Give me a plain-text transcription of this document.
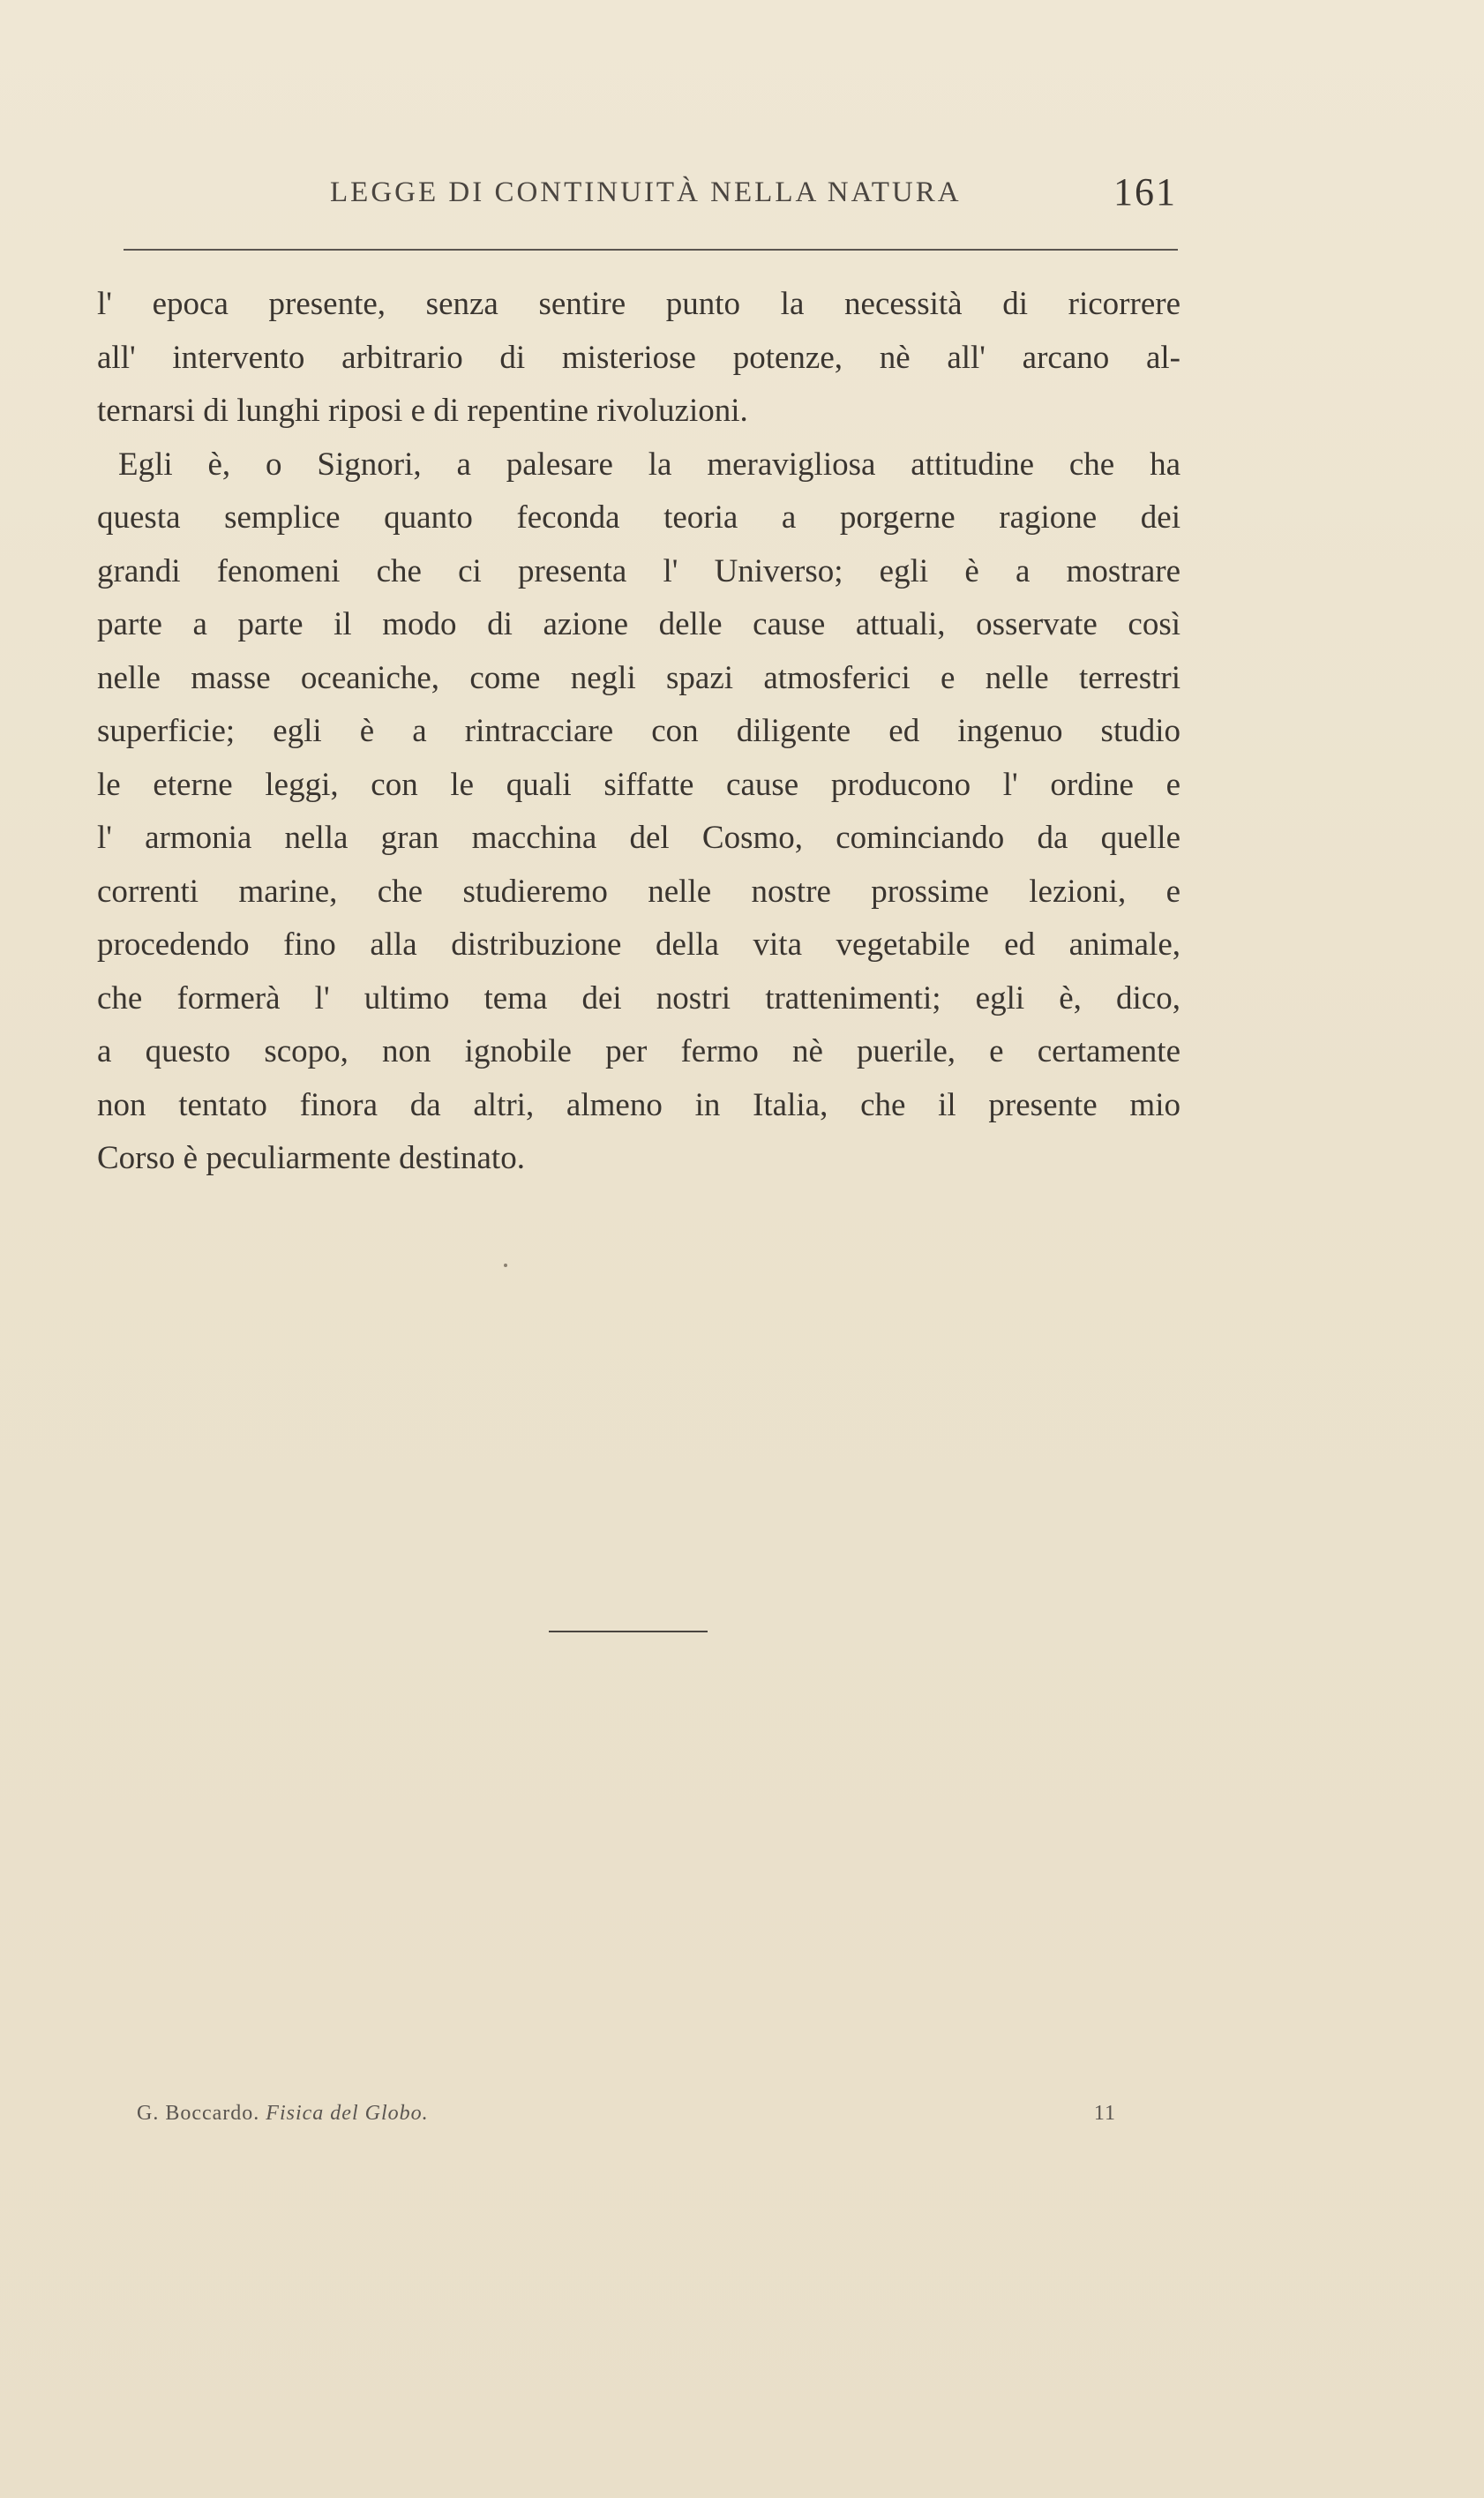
LEGGE DI CONTINUITÀ NELLA NATURA	161

l' epoca presente, senza sentire punto la necessità di ricorrere
all' intervento arbitrario di misteriose potenze, nè all' arcano al-
ternarsi di lunghi riposi e di repentine rivoluzioni.

Egli è, o Signori, a palesare la meravigliosa attitudine che ha
questa semplice quanto feconda teoria a porgerne ragione dei
grandi fenomeni che ci presenta l' Universo; egli è a mostrare
parte a parte il modo di azione delle cause attuali, osservate così
nelle masse oceaniche, come negli spazi atmosferici e nelle terrestri
superficie; egli è a rintracciare con diligente ed ingenuo studio
le eterne leggi, con le quali siffatte cause producono l' ordine e
l' armonia nella gran macchina del Cosmo, cominciando da quelle
correnti marine, che studieremo nelle nostre prossime lezioni, e
procedendo fino alla distribuzione della vita vegetabile ed animale,
che formerà l' ultimo tema dei nostri trattenimenti; egli è, dico,
a questo scopo, non ignobile per fermo nè puerile, e certamente
non tentato finora da altri, almeno in Italia, che il presente mio
Corso è peculiarmente destinato.

G. Boccardo. Fisica del Globo.	11
